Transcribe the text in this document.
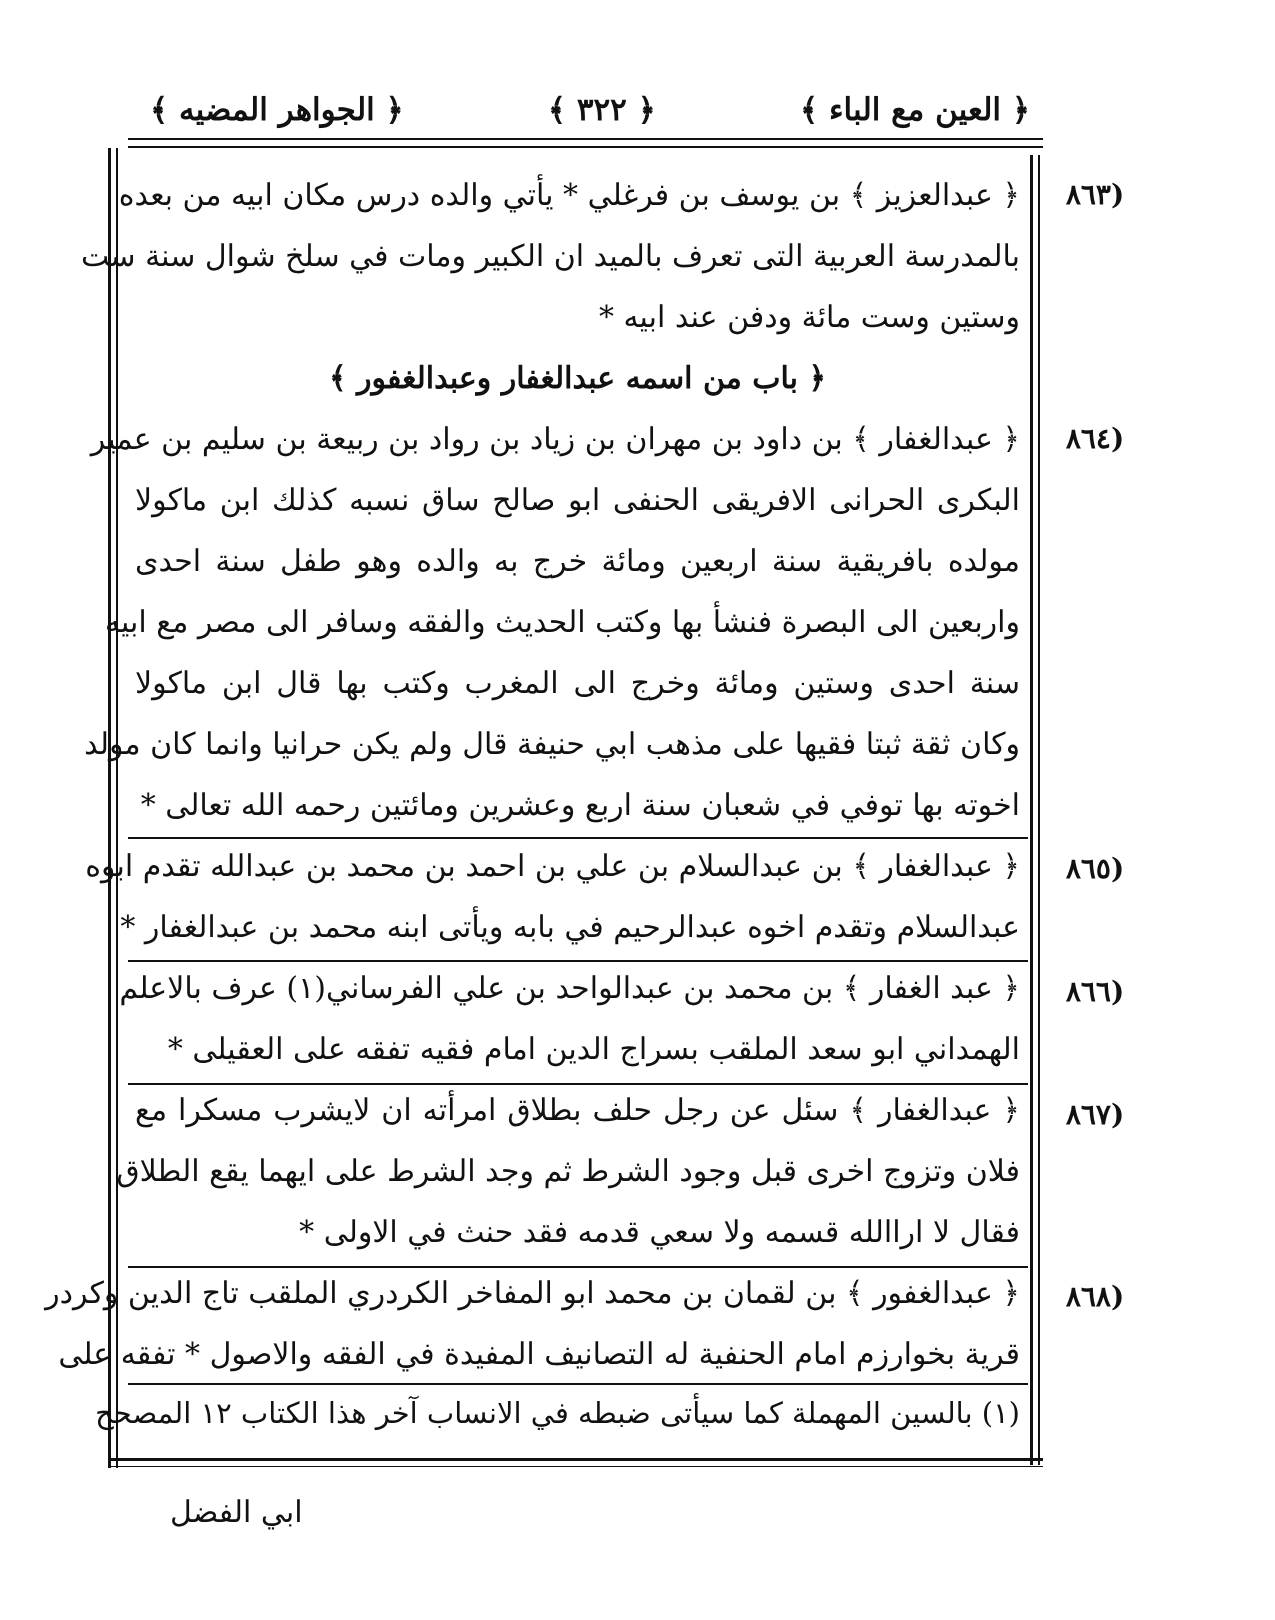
﴿ العين مع الباء ﴾
﴿ ٣٢٢ ﴾
﴿ الجواهر المضيه ﴾
(٨٦٣
(٨٦٤
(٨٦٥
(٨٦٦
(٨٦٧
(٨٦٨
﴿ عبدالعزيز ﴾ بن يوسف بن فرغلي * يأتي والده درس مكان ابيه من بعده
بالمدرسة العربية التى تعرف بالميد ان الكبير ومات في سلخ شوال سنة ست
وستين وست مائة ودفن عند ابيه *
﴿ باب من اسمه عبدالغفار وعبدالغفور ﴾
﴿ عبدالغفار ﴾ بن داود بن مهران بن زياد بن رواد بن ربيعة بن سليم بن عمير
البكرى الحرانى الافريقى الحنفى ابو صالح ساق نسبه كذلك ابن ماكولا
مولده بافريقية سنة اربعين ومائة خرج به والده وهو طفل سنة احدى
واربعين الى البصرة فنشأ بها وكتب الحديث والفقه وسافر الى مصر مع ابيه
سنة احدى وستين ومائة وخرج الى المغرب وكتب بها قال ابن ماكولا
وكان ثقة ثبتا فقيها على مذهب ابي حنيفة قال ولم يكن حرانيا وانما كان مولد
اخوته بها توفي في شعبان سنة اربع وعشرين ومائتين رحمه الله تعالى *
﴿ عبدالغفار ﴾ بن عبدالسلام بن علي بن احمد بن محمد بن عبدالله تقدم ابوه
عبدالسلام وتقدم اخوه عبدالرحيم في بابه ويأتى ابنه محمد بن عبدالغفار *
﴿ عبد الغفار ﴾ بن محمد بن عبدالواحد بن علي الفرساني(١) عرف بالاعلم
الهمداني ابو سعد الملقب بسراج الدين امام فقيه تفقه على العقيلى *
﴿ عبدالغفار ﴾ سئل عن رجل حلف بطلاق امرأته ان لايشرب مسكرا مع
فلان وتزوج اخرى قبل وجود الشرط ثم وجد الشرط على ايهما يقع الطلاق
فقال لا اراالله قسمه ولا سعي قدمه فقد حنث في الاولى *
﴿ عبدالغفور ﴾ بن لقمان بن محمد ابو المفاخر الكردري الملقب تاج الدين وكردر
قرية بخوارزم امام الحنفية له التصانيف المفيدة في الفقه والاصول * تفقه على
(١) بالسين المهملة كما سيأتى ضبطه في الانساب آخر هذا الكتاب ١٢ المصحح
ابي الفضل
